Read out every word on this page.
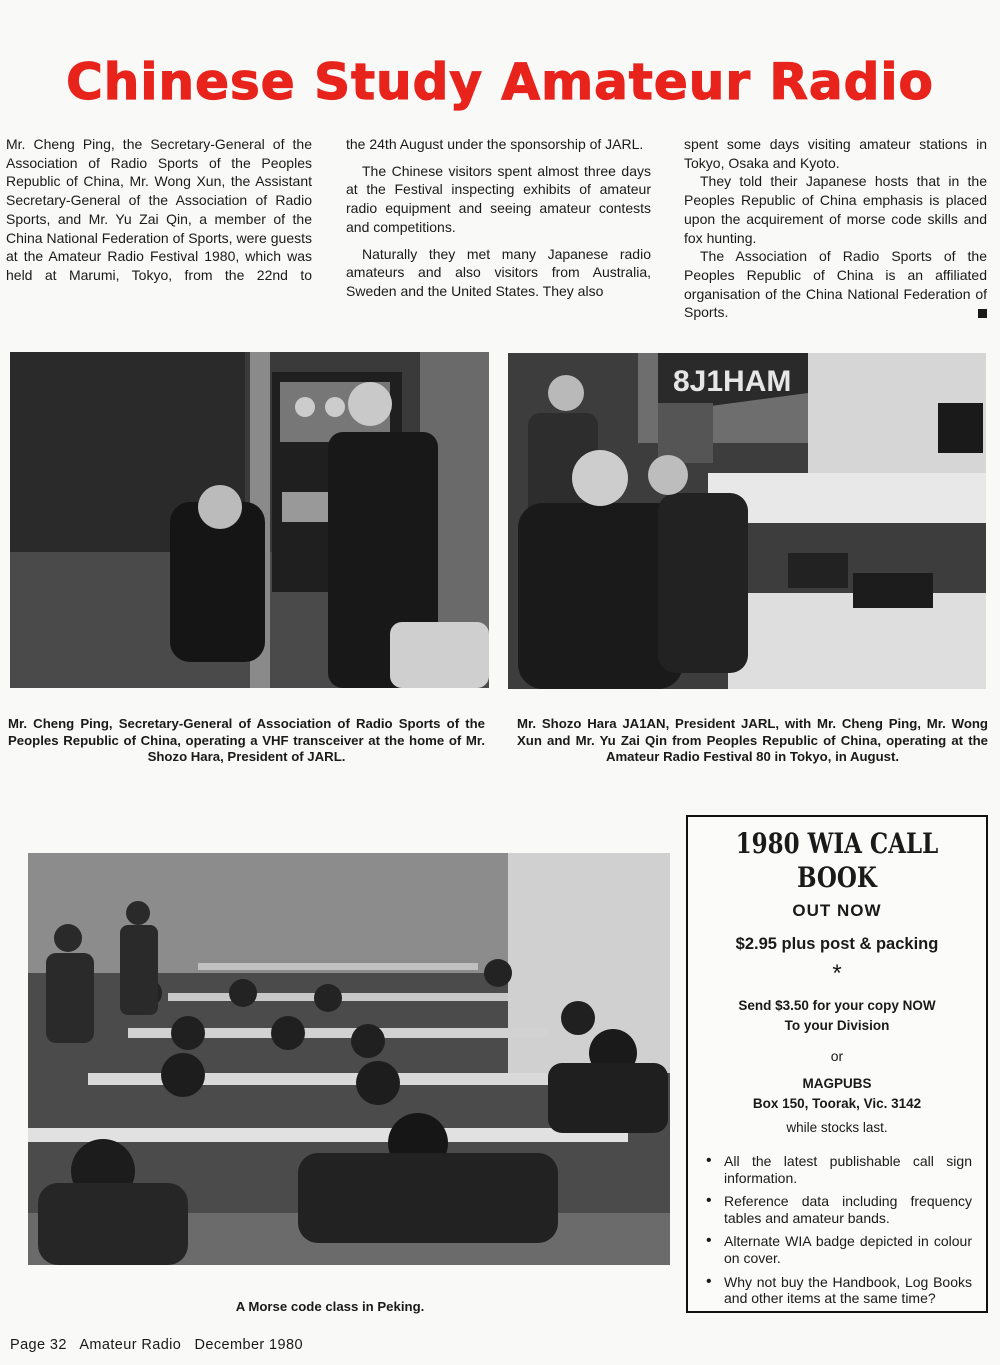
Chinese Study Amateur Radio

Mr. Cheng Ping, the Secretary-General of the Association of Radio Sports of the Peoples Republic of China, Mr. Wong Xun, the Assistant Secretary-General of the Association of Radio Sports, and Mr. Yu Zai Qin, a member of the China National Federation of Sports, were guests at the Amateur Radio Festival 1980, which was held at Marumi, Tokyo, from the 22nd to

the 24th August under the sponsorship of JARL.

The Chinese visitors spent almost three days at the Festival inspecting exhibits of amateur radio equipment and seeing amateur contests and competitions.

Naturally they met many Japanese radio amateurs and also visitors from Australia, Sweden and the United States. They also

spent some days visiting amateur stations in Tokyo, Osaka and Kyoto.

They told their Japanese hosts that in the Peoples Republic of China emphasis is placed upon the acquirement of morse code skills and fox hunting.

The Association of Radio Sports of the Peoples Republic of China is an affiliated organisation of the China National Federation of Sports.

8J1HAM

Mr. Cheng Ping, Secretary-General of Association of Radio Sports of the Peoples Republic of China, operating a VHF transceiver at the home of Mr. Shozo Hara, President of JARL.

Mr. Shozo Hara JA1AN, President JARL, with Mr. Cheng Ping, Mr. Wong Xun and Mr. Yu Zai Qin from Peoples Republic of China, operating at the Amateur Radio Festival 80 in Tokyo, in August.

A Morse code class in Peking.

1980 WIA CALL BOOK
OUT NOW
$2.95 plus post & packing
*
Send $3.50 for your copy NOW
To your Division
or
MAGPUBS
Box 150, Toorak, Vic. 3142
while stocks last.
• All the latest publishable call sign information.
• Reference data including frequency tables and amateur bands.
• Alternate WIA badge depicted in colour on cover.
• Why not buy the Handbook, Log Books and other items at the same time?
Page 32 Amateur Radio December 1980
